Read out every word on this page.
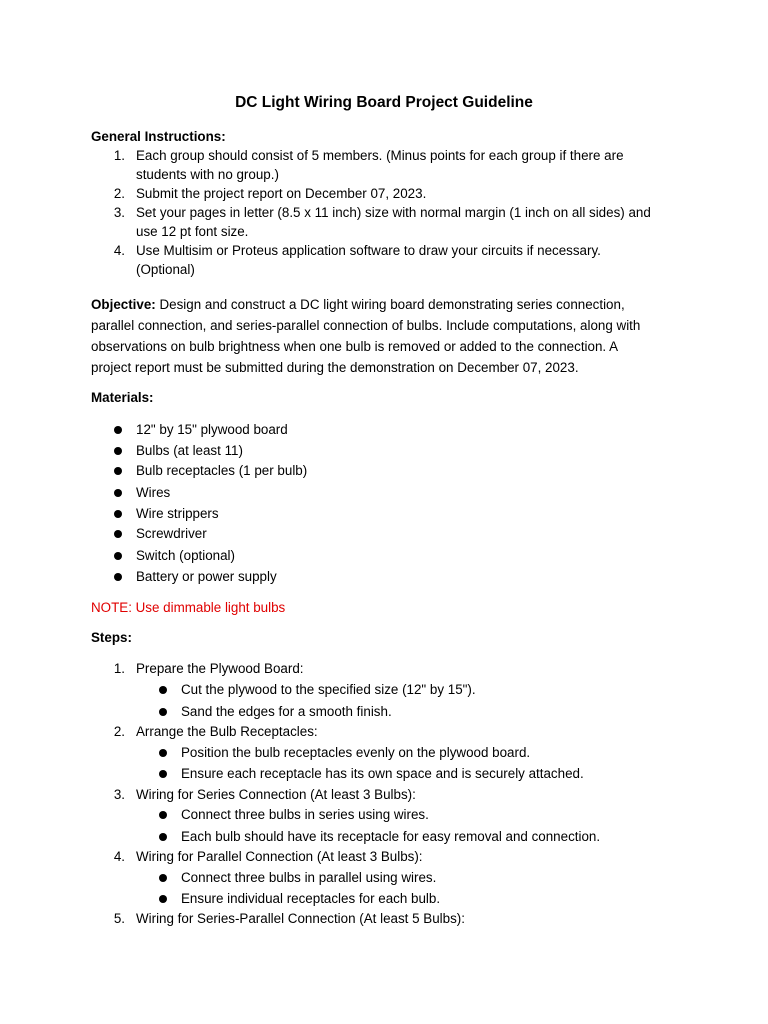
DC Light Wiring Board Project Guideline
General Instructions:
1. Each group should consist of 5 members. (Minus points for each group if there are
students with no group.)
2. Submit the project report on December 07, 2023.
3. Set your pages in letter (8.5 x 11 inch) size with normal margin (1 inch on all sides) and
use 12 pt font size.
4. Use Multisim or Proteus application software to draw your circuits if necessary.
(Optional)
Objective: Design and construct a DC light wiring board demonstrating series connection,
parallel connection, and series-parallel connection of bulbs. Include computations, along with
observations on bulb brightness when one bulb is removed or added to the connection. A
project report must be submitted during the demonstration on December 07, 2023.
Materials:
12" by 15" plywood board
Bulbs (at least 11)
Bulb receptacles (1 per bulb)
Wires
Wire strippers
Screwdriver
Switch (optional)
Battery or power supply
NOTE: Use dimmable light bulbs
Steps:
1. Prepare the Plywood Board:
Cut the plywood to the specified size (12" by 15").
Sand the edges for a smooth finish.
2. Arrange the Bulb Receptacles:
Position the bulb receptacles evenly on the plywood board.
Ensure each receptacle has its own space and is securely attached.
3. Wiring for Series Connection (At least 3 Bulbs):
Connect three bulbs in series using wires.
Each bulb should have its receptacle for easy removal and connection.
4. Wiring for Parallel Connection (At least 3 Bulbs):
Connect three bulbs in parallel using wires.
Ensure individual receptacles for each bulb.
5. Wiring for Series-Parallel Connection (At least 5 Bulbs):
